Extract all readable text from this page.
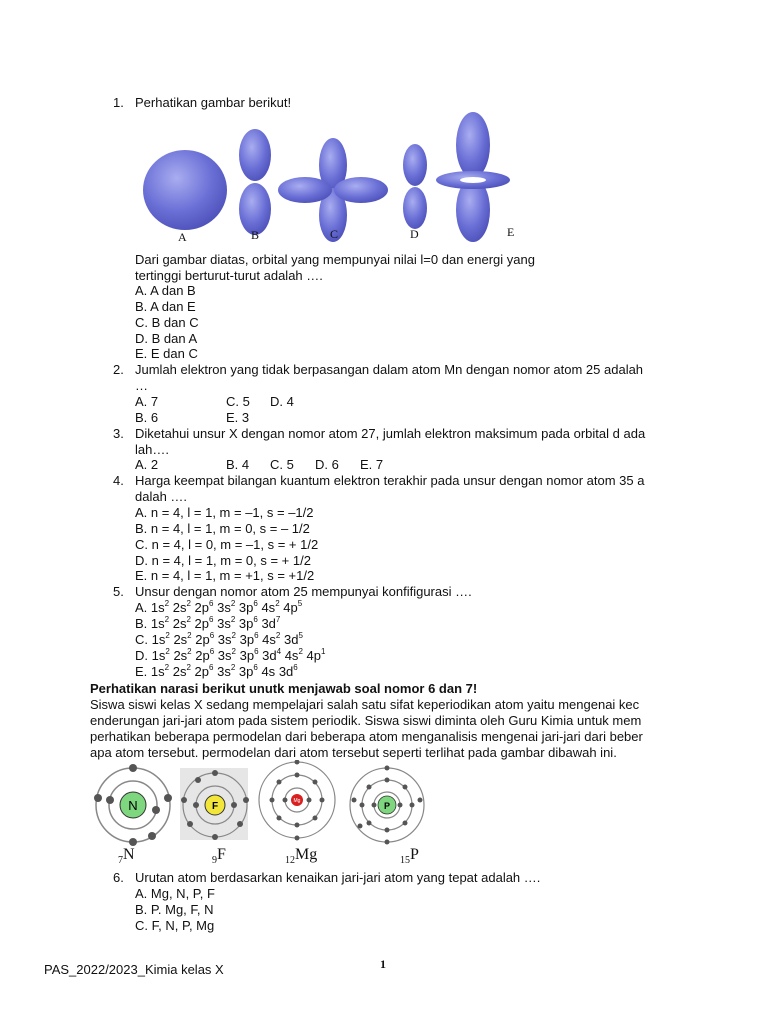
1. Perhatikan gambar berikut!
A	B	C	D	E
Dari gambar diatas, orbital yang mempunyai nilai l=0 dan energi yang
tertinggi berturut-turut adalah ….
A. A dan B
B. A dan E
C. B dan C
D. B dan A
E. E dan C
2. Jumlah elektron yang tidak berpasangan dalam atom Mn dengan nomor atom 25 adalah
…
A. 7	C. 5 D. 4
B. 6	E. 3
3. Diketahui unsur X dengan nomor atom 27, jumlah elektron maksimum pada orbital d ada
lah….
A. 2	B. 4 C. 5 D. 6 E. 7
4. Harga keempat bilangan kuantum elektron terakhir pada unsur dengan nomor atom 35 a
dalah ….
A. n = 4, l = 1, m = –1, s = –1/2
B. n = 4, l = 1, m = 0, s = – 1/2
C. n = 4, l = 0, m = –1, s = + 1/2
D. n = 4, l = 1, m = 0, s = + 1/2
E. n = 4, l = 1, m = +1, s = +1/2
5. Unsur dengan nomor atom 25 mempunyai konfifigurasi ….
A. $1s^2$ $2s^2$ $2p^6$ $3s^2$ $3p^6$ $4s^2$ $4p^5$
B. $1s^2$ $2s^2$ $2p^6$ $3s^2$ $3p^6$ $3d^7$
C. $1s^2$ $2s^2$ $2p^6$ $3s^2$ $3p^6$ $4s^2$ $3d^5$
D. $1s^2$ $2s^2$ $2p^6$ $3s^2$ $3p^6$ $3d^4$ $4s^2$ $4p^1$
E. $1s^2$ $2s^2$ $2p^6$ $3s^2$ $3p^6$ 4s $3d^6$
Perhatikan narasi berikut unutk menjawab soal nomor 6 dan 7!
Siswa siswi kelas X sedang mempelajari salah satu sifat keperiodikan atom yaitu mengenai kec
enderungan jari-jari atom pada sistem periodik. Siswa siswi diminta oleh Guru Kimia untuk mem
perhatikan beberapa permodelan dari beberapa atom menganalisis mengenai jari-jari dari beber
apa atom tersebut. permodelan dari atom tersebut seperti terlihat pada gambar dibawah ini.
N	F	Mg	P
$_7$N	$_9$F	$_{12}$Mg	$_{15}$P
6. Urutan atom berdasarkan kenaikan jari-jari atom yang tepat adalah ….
A. Mg, N, P, F
B. P. Mg, F, N
C. F, N, P, Mg
PAS_2022/2023_Kimia kelas X	1
